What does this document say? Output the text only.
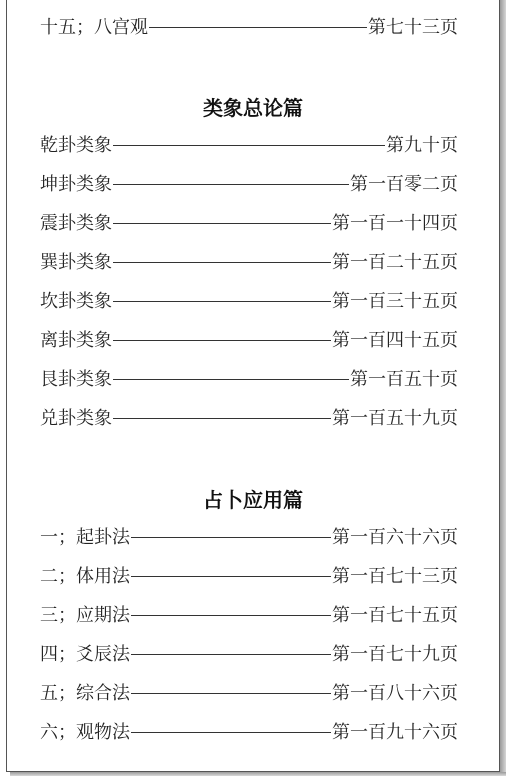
十五；八宫观	第七十三页
类象总论篇
乾卦类象	第九十页
坤卦类象	第一百零二页
震卦类象	第一百一十四页
巽卦类象	第一百二十五页
坎卦类象	第一百三十五页
离卦类象	第一百四十五页
艮卦类象	第一百五十页
兑卦类象	第一百五十九页
占卜应用篇
一；起卦法	第一百六十六页
二；体用法	第一百七十三页
三；应期法	第一百七十五页
四；爻辰法	第一百七十九页
五；综合法	第一百八十六页
六；观物法	第一百九十六页
